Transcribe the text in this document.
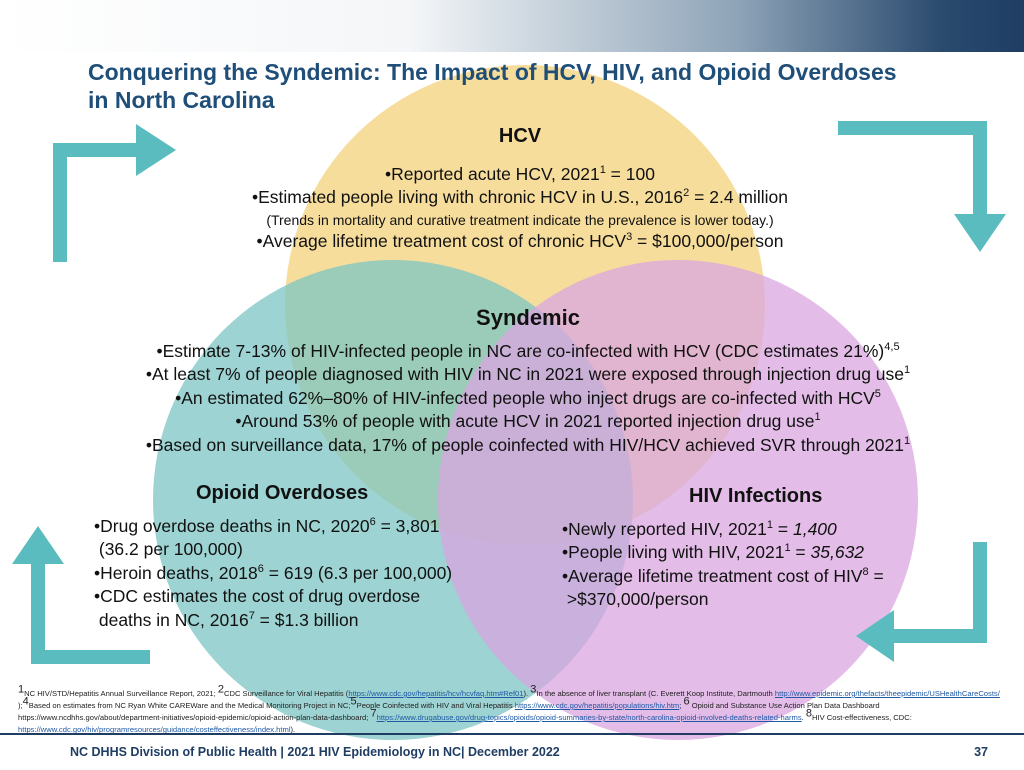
Conquering the Syndemic: The Impact of HCV, HIV, and Opioid Overdoses in North Carolina
HCV
•Reported acute HCV, $2021^1 = 100$
•Estimated people living with chronic HCV in U.S., $2016^2 = 2.4$ million
(Trends in mortality and curative treatment indicate the prevalence is lower today.)
•Average lifetime treatment cost of chronic $HCV^3$ = $100,000/person
Syndemic
•Estimate 7-13% of HIV-infected people in NC are co-infected with HCV (CDC estimates 21%)$^{4,5}$
•At least 7% of people diagnosed with HIV in NC in 2021 were exposed through injection drug use$^1$
•An estimated 62%–80% of HIV-infected people who inject drugs are co-infected with HCV$^5$
•Around 53% of people with acute HCV in 2021 reported injection drug use$^1$
•Based on surveillance data, 17% of people coinfected with HIV/HCV achieved SVR through 2021$^1$
Opioid Overdoses
•Drug overdose deaths in NC, $2020^6 = 3,801$
(36.2 per 100,000)
•Heroin deaths, $2018^6 = 619$ (6.3 per 100,000)
•CDC estimates the cost of drug overdose
deaths in NC, $2016^7$ = $1.3 billion
HIV Infections
•Newly reported HIV, $2021^1 = 1,400$
•People living with HIV, $2021^1 = 35,632$
•Average lifetime treatment cost of $HIV^8$ =
>$370,000/person
$^1$NC HIV/STD/Hepatitis Annual Surveillance Report, 2021; $^2$CDC Surveillance for Viral Hepatitis (https://www.cdc.gov/hepatitis/hcv/hcvfaq.htm#Ref01). $^3$In the absence of liver transplant (C. Everett Koop Institute, Dartmouth http://www.epidemic.org/thefacts/theepidemic/USHealthCareCosts/ );$^4$Based on estimates from NC Ryan White CAREWare and the Medical Monitoring Project in NC;$^5$People Coinfected with HIV and Viral Hepatitis https://www.cdc.gov/hepatitis/populations/hiv.htm; $^6$ Opioid and Substance Use Action Plan Data Dashboard https://www.ncdhhs.gov/about/department-initiatives/opioid-epidemic/opioid-action-plan-data-dashboard; $^7$https://www.drugabuse.gov/drug-topics/opioids/opioid-summaries-by-state/north-carolina-opioid-involved-deaths-related-harms. $^8$HIV Cost-effectiveness, CDC: https://www.cdc.gov/hiv/programresources/guidance/costeffectiveness/index.html).
NC DHHS Division of Public Health | 2021 HIV Epidemiology in NC| December 2022	37
